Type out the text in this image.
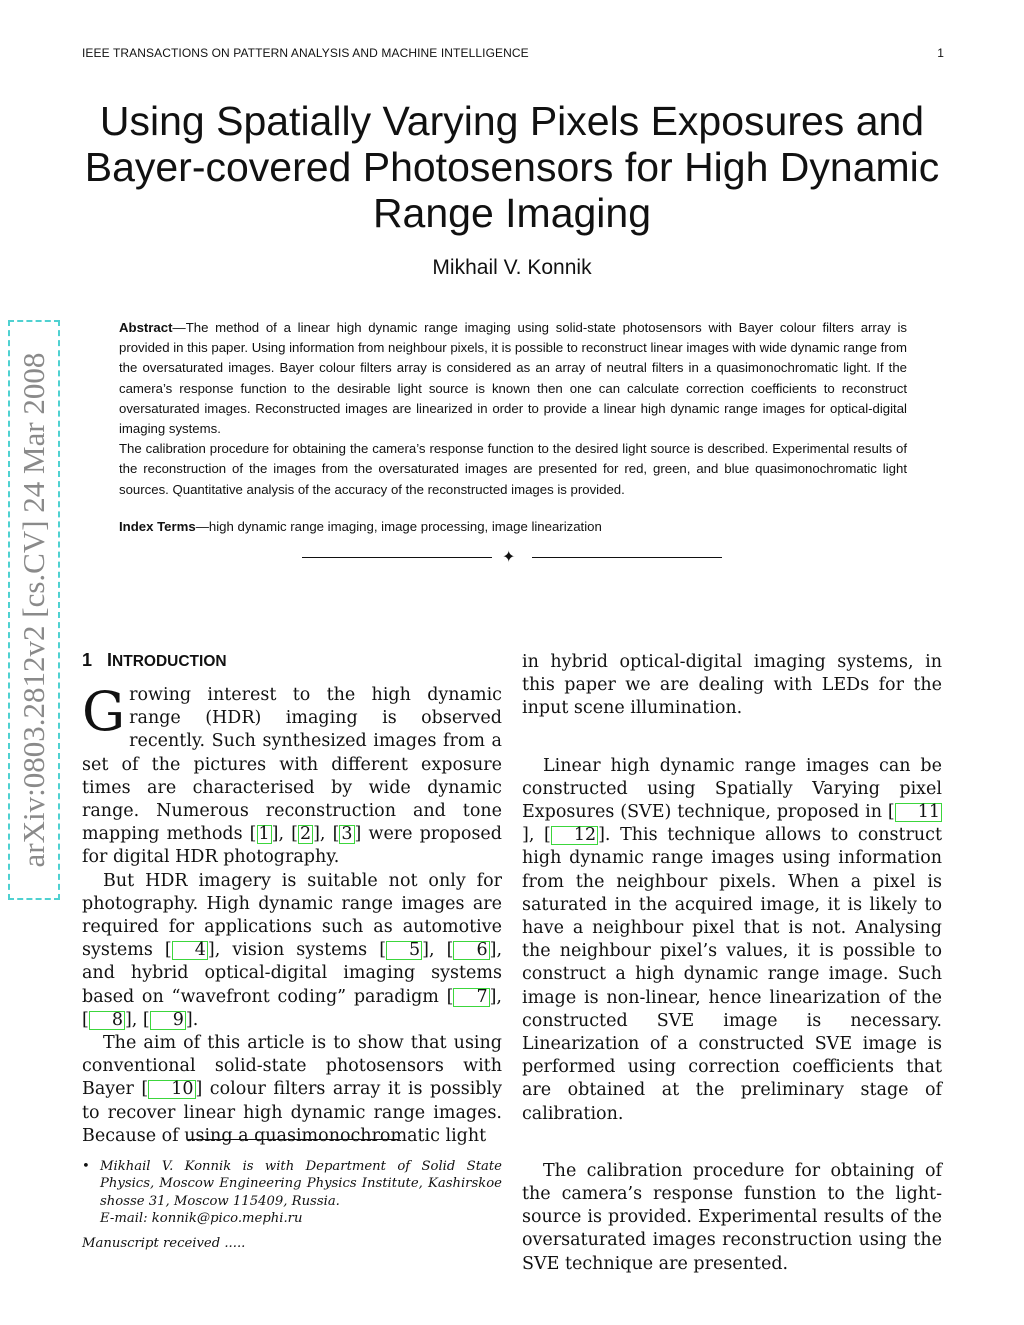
IEEE TRANSACTIONS ON PATTERN ANALYSIS AND MACHINE INTELLIGENCE	1
Using Spatially Varying Pixels Exposures and Bayer-covered Photosensors for High Dynamic Range Imaging
Mikhail V. Konnik
arXiv:0803.2812v2 [cs.CV] 24 Mar 2008

Abstract—The method of a linear high dynamic range imaging using solid-state photosensors with Bayer colour filters array is provided in this paper. Using information from neighbour pixels, it is possible to reconstruct linear images with wide dynamic range from the oversaturated images. Bayer colour filters array is considered as an array of neutral filters in a quasimonochromatic light. If the camera’s response function to the desirable light source is known then one can calculate correction coefficients to reconstruct oversaturated images. Reconstructed images are linearized in order to provide a linear high dynamic range images for optical-digital imaging systems.

The calibration procedure for obtaining the camera’s response function to the desired light source is described. Experimental results of the reconstruction of the images from the oversaturated images are presented for red, green, and blue quasimonochromatic light sources. Quantitative analysis of the accuracy of the reconstructed images is provided.

Index Terms—high dynamic range imaging, image processing, image linearization
✦
1 INTRODUCTION

Growing interest to the high dynamic range (HDR) imaging is observed recently. Such synthesized images from a set of the pictures with different exposure times are characterised by wide dynamic range. Numerous reconstruction and tone mapping methods [ 1 ], [ 2 ], [ 3 ] were proposed for digital HDR photography.

But HDR imagery is suitable not only for photography. High dynamic range images are required for applications such as automotive systems [ 4 ], vision systems [ 5 ], [ 6 ], and hybrid optical-digital imaging systems based on “wavefront coding” paradigm [ 7 ], [ 8 ], [ 9 ].

The aim of this article is to show that using conventional solid-state photosensors with Bayer [ 10 ] colour filters array it is possibly to recover linear high dynamic range images. Because of using a quasimonochromatic light

in hybrid optical-digital imaging systems, in this paper we are dealing with LEDs for the input scene illumination.

Linear high dynamic range images can be constructed using Spatially Varying pixel Exposures (SVE) technique, proposed in [ 11], [ 12 ]. This technique allows to construct high dynamic range images using information from the neighbour pixels. When a pixel is saturated in the acquired image, it is likely to have a neighbour pixel that is not. Analysing the neighbour pixel’s values, it is possible to construct a high dynamic range image. Such image is non-linear, hence linearization of the constructed SVE image is necessary. Linearization of a constructed SVE image is performed using correction coefficients that are obtained at the preliminary stage of calibration.

The calibration procedure for obtaining of the camera’s response funstion to the light-source is provided. Experimental results of the oversaturated images reconstruction using the SVE technique are presented.

• Mikhail V. Konnik is with Department of Solid State Physics, Moscow Engineering Physics Institute, Kashirskoe shosse 31, Moscow 115409, Russia.
E-mail: konnik@pico.mephi.ru
Manuscript received .....
